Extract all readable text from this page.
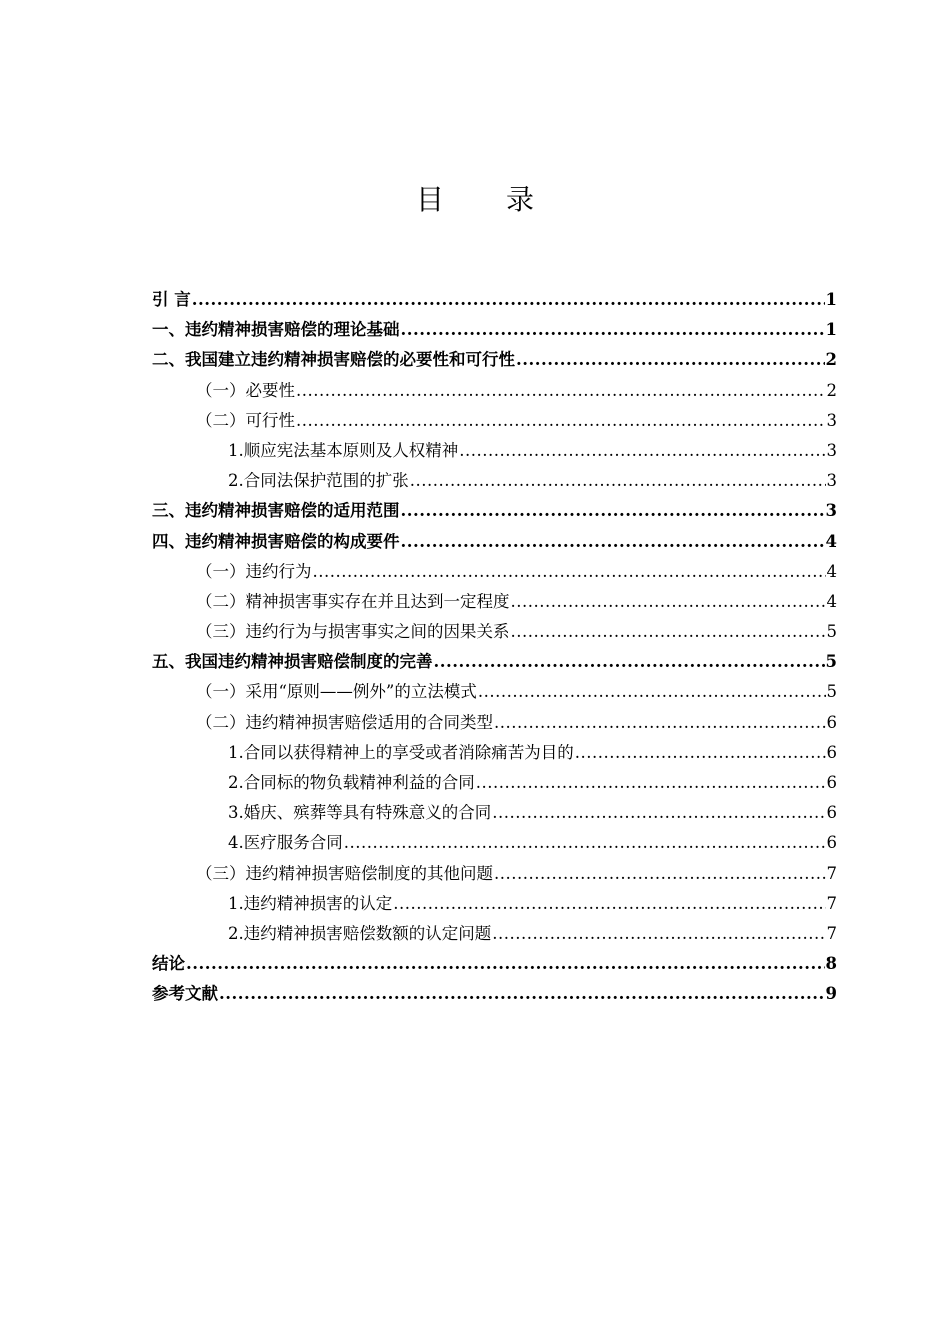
目录
引 言 .....	1
一、违约精神损害赔偿的理论基础 .....	1
二、我国建立违约精神损害赔偿的必要性和可行性 .....	2
（一）必要性 .....	2
（二）可行性 .....	3
1.顺应宪法基本原则及人权精神 .....	3
2.合同法保护范围的扩张 .....	3
三、违约精神损害赔偿的适用范围 .....	3
四、违约精神损害赔偿的构成要件 .....	4
（一）违约行为 .....	4
（二）精神损害事实存在并且达到一定程度 .....	4
（三）违约行为与损害事实之间的因果关系 .....	5
五、我国违约精神损害赔偿制度的完善 .....	5
（一）采用“原则——例外”的立法模式 .....	5
（二）违约精神损害赔偿适用的合同类型 .....	6
1.合同以获得精神上的享受或者消除痛苦为目的 .....	6
2.合同标的物负载精神利益的合同 .....	6
3.婚庆、殡葬等具有特殊意义的合同 .....	6
4.医疗服务合同 .....	6
（三）违约精神损害赔偿制度的其他问题 .....	7
1.违约精神损害的认定 .....	7
2.违约精神损害赔偿数额的认定问题 .....	7
结论 .....	8
参考文献 .....	9
